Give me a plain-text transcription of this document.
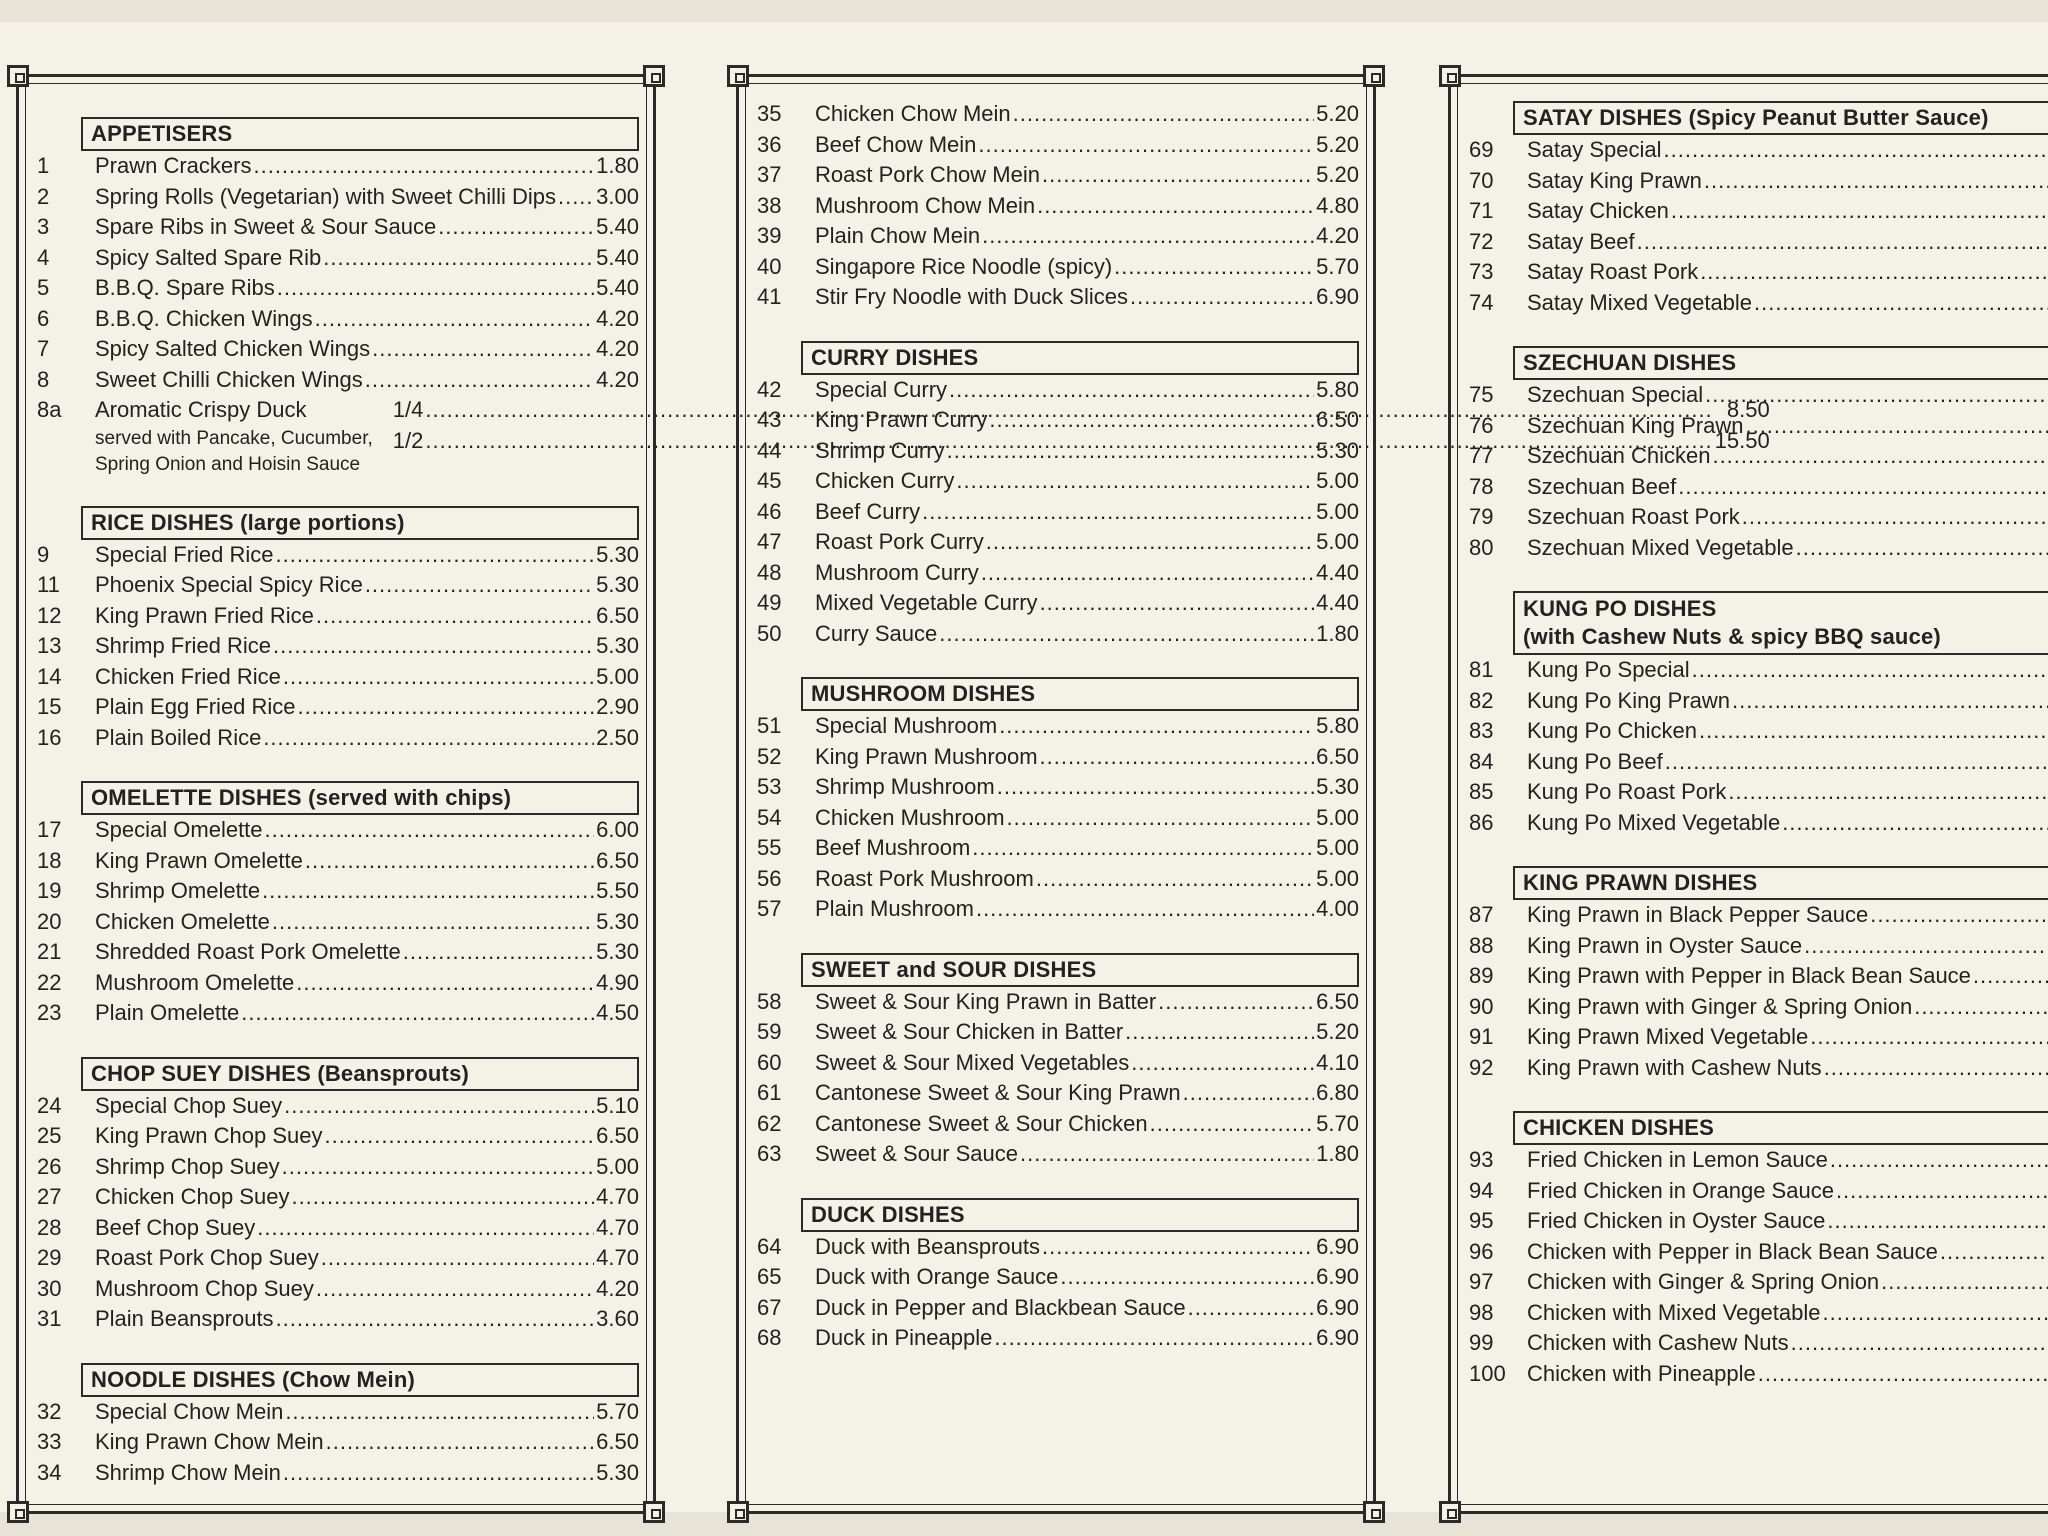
APPETISERS
1	Prawn Crackers .....	1.80
2	Spring Rolls (Vegetarian) with Sweet Chilli Dips ..... 3.00
3	Spare Ribs in Sweet & Sour Sauce .....	5.40
4	Spicy Salted Spare Rib .....	5.40
5	B.B.Q. Spare Ribs .....	5.40
6	B.B.Q. Chicken Wings .....	4.20
7	Spicy Salted Chicken Wings .....	4.20
8	Sweet Chilli Chicken Wings .....	4.20
8a	Aromatic Crispy Duck
served with Pancake, Cucumber,
Spring Onion and Hoisin Sauce
1/4 .....	8.50
1/2 .....	15.50
RICE DISHES (large portions)
9	Special Fried Rice .....	5.30
11	Phoenix Special Spicy Rice .....	5.30
12	King Prawn Fried Rice .....	6.50
13	Shrimp Fried Rice .....	5.30
14	Chicken Fried Rice .....	5.00
15	Plain Egg Fried Rice .....	2.90
16	Plain Boiled Rice .....	2.50
OMELETTE DISHES (served with chips)
17	Special Omelette .....	6.00
18	King Prawn Omelette .....	6.50
19	Shrimp Omelette .....	5.50
20	Chicken Omelette .....	5.30
21	Shredded Roast Pork Omelette .....	5.30
22	Mushroom Omelette .....	4.90
23	Plain Omelette .....	4.50
CHOP SUEY DISHES (Beansprouts)
24	Special Chop Suey .....	5.10
25	King Prawn Chop Suey .....	6.50
26	Shrimp Chop Suey .....	5.00
27	Chicken Chop Suey .....	4.70
28	Beef Chop Suey .....	4.70
29	Roast Pork Chop Suey .....	4.70
30	Mushroom Chop Suey .....	4.20
31	Plain Beansprouts .....	3.60
NOODLE DISHES (Chow Mein)
32	Special Chow Mein .....	5.70
33	King Prawn Chow Mein .....	6.50
34	Shrimp Chow Mein .....	5.30
35	Chicken Chow Mein .....	5.20
36	Beef Chow Mein .....	5.20
37	Roast Pork Chow Mein .....	5.20
38	Mushroom Chow Mein .....	4.80
39	Plain Chow Mein .....	4.20
40	Singapore Rice Noodle (spicy) .....	5.70
41	Stir Fry Noodle with Duck Slices .....	6.90
CURRY DISHES
42	Special Curry .....	5.80
43	King Prawn Curry .....	6.50
44	Shrimp Curry .....	5.30
45	Chicken Curry .....	5.00
46	Beef Curry .....	5.00
47	Roast Pork Curry .....	5.00
48	Mushroom Curry .....	4.40
49	Mixed Vegetable Curry .....	4.40
50	Curry Sauce .....	1.80
MUSHROOM DISHES
51	Special Mushroom .....	5.80
52	King Prawn Mushroom .....	6.50
53	Shrimp Mushroom .....	5.30
54	Chicken Mushroom .....	5.00
55	Beef Mushroom .....	5.00
56	Roast Pork Mushroom .....	5.00
57	Plain Mushroom .....	4.00
SWEET and SOUR DISHES
58	Sweet & Sour King Prawn in Batter .....	6.50
59	Sweet & Sour Chicken in Batter .....	5.20
60	Sweet & Sour Mixed Vegetables .....	4.10
61	Cantonese Sweet & Sour King Prawn .....	6.80
62	Cantonese Sweet & Sour Chicken .....	5.70
63	Sweet & Sour Sauce .....	1.80
DUCK DISHES
64	Duck with Beansprouts .....	6.90
65	Duck with Orange Sauce .....	6.90
67	Duck in Pepper and Blackbean Sauce .....	6.90
68	Duck in Pineapple .....	6.90
SATAY DISHES (Spicy Peanut Butter Sauce)
69	Satay Special
.....
70	Satay King Prawn
.....
71	Satay Chicken
.....
72	Satay Beef
.....
73	Satay Roast Pork
.....
74	Satay Mixed Vegetable
.....
SZECHUAN DISHES
75	Szechuan Special
.....
76	Szechuan King Prawn
.....
77	Szechuan Chicken
.....
78	Szechuan Beef
.....
79	Szechuan Roast Pork
.....
80	Szechuan Mixed Vegetable
.....
KUNG PO DISHES
(with Cashew Nuts & spicy BBQ sauce)
81	Kung Po Special
.....
82	Kung Po King Prawn
.....
83	Kung Po Chicken
.....
84	Kung Po Beef
.....
85	Kung Po Roast Pork
.....
86	Kung Po Mixed Vegetable
.....
KING PRAWN DISHES
87	King Prawn in Black Pepper Sauce
.....
88	King Prawn in Oyster Sauce
.....
89	King Prawn with Pepper in Black Bean Sauce
.....
90	King Prawn with Ginger & Spring Onion
.....
91	King Prawn Mixed Vegetable
.....
92	King Prawn with Cashew Nuts
.....
CHICKEN DISHES
93	Fried Chicken in Lemon Sauce
.....
94	Fried Chicken in Orange Sauce
.....
95	Fried Chicken in Oyster Sauce
.....
96	Chicken with Pepper in Black Bean Sauce
.....
97	Chicken with Ginger & Spring Onion
.....
98	Chicken with Mixed Vegetable
.....
99	Chicken with Cashew Nuts
.....
100 Chicken with Pineapple
.....
